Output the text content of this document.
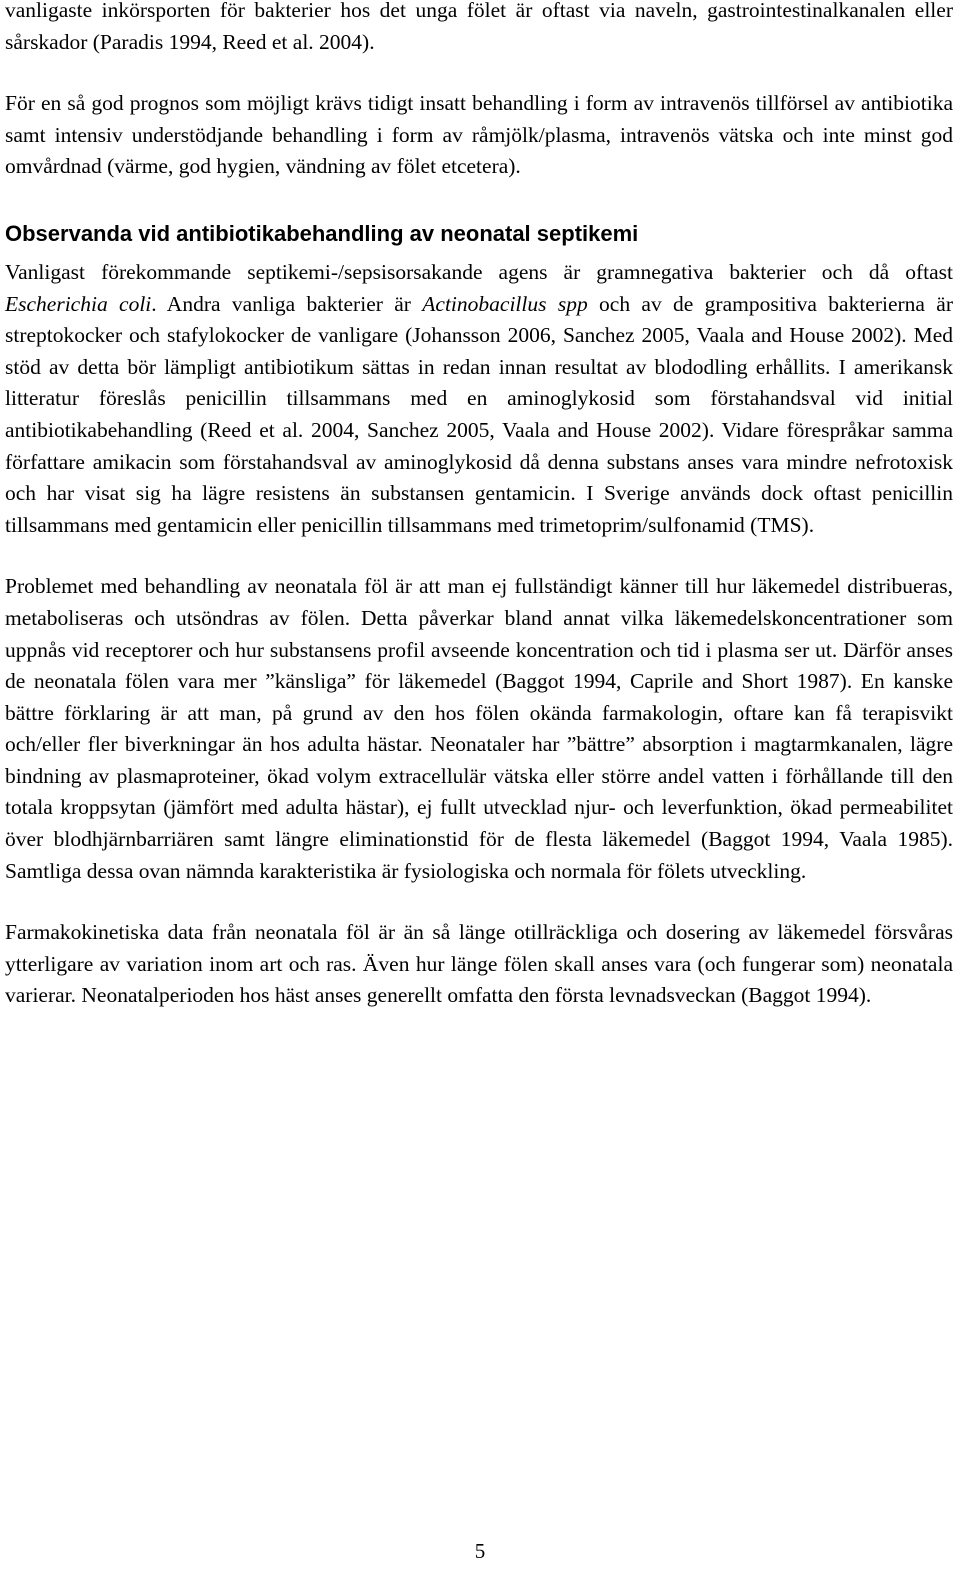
vanligaste inkörsporten för bakterier hos det unga fölet är oftast via naveln, gastrointestinalkanalen eller sårskador (Paradis 1994, Reed et al. 2004).

För en så god prognos som möjligt krävs tidigt insatt behandling i form av intravenös tillförsel av antibiotika samt intensiv understödjande behandling i form av råmjölk/plasma, intravenös vätska och inte minst god omvårdnad (värme, god hygien, vändning av fölet etcetera).

Observanda vid antibiotikabehandling av neonatal septikemi

Vanligast förekommande septikemi-/sepsisorsakande agens är gramnegativa bakterier och då oftast Escherichia coli. Andra vanliga bakterier är Actinobacillus spp och av de grampositiva bakterierna är streptokocker och stafylokocker de vanligare (Johansson 2006, Sanchez 2005, Vaala and House 2002). Med stöd av detta bör lämpligt antibiotikum sättas in redan innan resultat av blododling erhållits. I amerikansk litteratur föreslås penicillin tillsammans med en aminoglykosid som förstahandsval vid initial antibiotikabehandling (Reed et al. 2004, Sanchez 2005, Vaala and House 2002). Vidare förespråkar samma författare amikacin som förstahandsval av aminoglykosid då denna substans anses vara mindre nefrotoxisk och har visat sig ha lägre resistens än substansen gentamicin. I Sverige används dock oftast penicillin tillsammans med gentamicin eller penicillin tillsammans med trimetoprim/sulfonamid (TMS).

Problemet med behandling av neonatala föl är att man ej fullständigt känner till hur läkemedel distribueras, metaboliseras och utsöndras av fölen. Detta påverkar bland annat vilka läkemedelskoncentrationer som uppnås vid receptorer och hur substansens profil avseende koncentration och tid i plasma ser ut. Därför anses de neonatala fölen vara mer ”känsliga” för läkemedel (Baggot 1994, Caprile and Short 1987). En kanske bättre förklaring är att man, på grund av den hos fölen okända farmakologin, oftare kan få terapisvikt och/eller fler biverkningar än hos adulta hästar. Neonataler har ”bättre” absorption i magtarmkanalen, lägre bindning av plasmaproteiner, ökad volym extracellulär vätska eller större andel vatten i förhållande till den totala kroppsytan (jämfört med adulta hästar), ej fullt utvecklad njur- och leverfunktion, ökad permeabilitet över blodhjärnbarriären samt längre eliminationstid för de flesta läkemedel (Baggot 1994, Vaala 1985). Samtliga dessa ovan nämnda karakteristika är fysiologiska och normala för fölets utveckling.

Farmakokinetiska data från neonatala föl är än så länge otillräckliga och dosering av läkemedel försvåras ytterligare av variation inom art och ras. Även hur länge fölen skall anses vara (och fungerar som) neonatala varierar. Neonatalperioden hos häst anses generellt omfatta den första levnadsveckan (Baggot 1994).

5
